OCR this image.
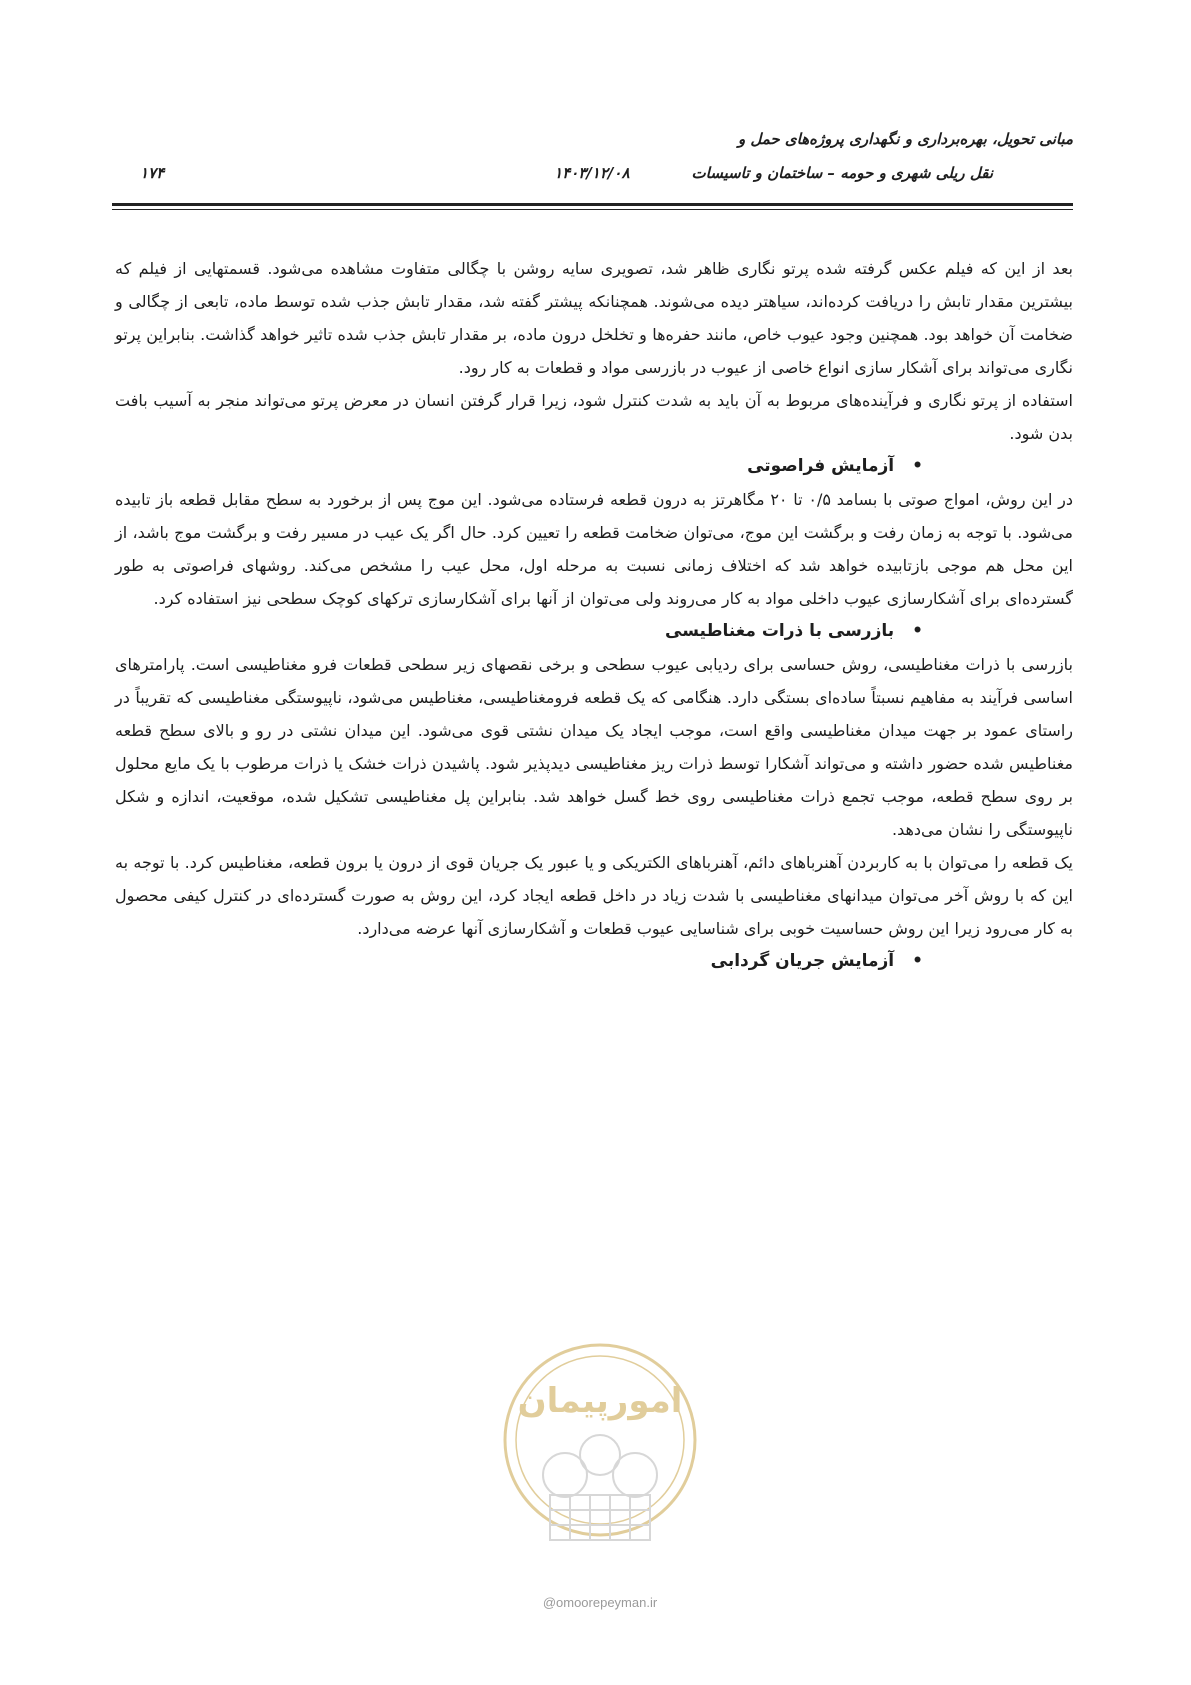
مبانی تحویل، بهره‌برداری و نگهداری پروژه‌های حمل و
نقل ریلی شهری و حومه – ساختمان و تاسیسات
۱۴۰۳/۱۲/۰۸
۱۷۴

بعد از این که فیلم عکس گرفته شده پرتو نگاری ظاهر شد، تصویری سایه روشن با چگالی متفاوت مشاهده می‌شود. قسمتهایی از فیلم که بیشترین مقدار تابش را دریافت کرده‌اند، سیاهتر دیده می‌شوند. همچنانکه پیشتر گفته شد، مقدار تابش جذب شده توسط ماده، تابعی از چگالی و ضخامت آن خواهد بود. همچنین وجود عیوب خاص، مانند حفره‌ها و تخلخل درون ماده، بر مقدار تابش جذب شده تاثیر خواهد گذاشت. بنابراین پرتو نگاری می‌تواند برای آشکار سازی انواع خاصی از عیوب در بازرسی مواد و قطعات به کار رود.

استفاده از پرتو نگاری و فرآینده‌های مربوط به آن باید به شدت کنترل شود، زیرا قرار گرفتن انسان در معرض پرتو می‌تواند منجر به آسیب بافت بدن شود.

•آزمایش فراصوتی

در این روش، امواج صوتی با بسامد ۰/۵ تا ۲۰ مگاهرتز به درون قطعه فرستاده می‌شود. این موج پس از برخورد به سطح مقابل قطعه باز تابیده می‌شود. با توجه به زمان رفت و برگشت این موج، می‌توان ضخامت قطعه را تعیین کرد. حال اگر یک عیب در مسیر رفت و برگشت موج باشد، از این محل هم موجی بازتابیده خواهد شد که اختلاف زمانی نسبت به مرحله اول، محل عیب را مشخص می‌کند. روشهای فراصوتی به طور گسترده‌ای برای آشکارسازی عیوب داخلی مواد به کار می‌روند ولی می‌توان از آنها برای آشکارسازی ترکهای کوچک سطحی نیز استفاده کرد.

•بازرسی با ذرات مغناطیسی

بازرسی با ذرات مغناطیسی، روش حساسی برای ردیابی عیوب سطحی و برخی نقصهای زیر سطحی قطعات فرو مغناطیسی است. پارامترهای اساسی فرآیند به مفاهیم نسبتاً ساده‌ای بستگی دارد. هنگامی که یک قطعه فرومغناطیسی، مغناطیس می‌شود، ناپیوستگی مغناطیسی که تقریباً در راستای عمود بر جهت میدان مغناطیسی واقع است، موجب ایجاد یک میدان نشتی قوی می‌شود. این میدان نشتی در رو و بالای سطح قطعه مغناطیس شده حضور داشته و می‌تواند آشکارا توسط ذرات ریز مغناطیسی دیدپذیر شود. پاشیدن ذرات خشک یا ذرات مرطوب با یک مایع محلول بر روی سطح قطعه، موجب تجمع ذرات مغناطیسی روی خط گسل خواهد شد. بنابراین پل مغناطیسی تشکیل شده، موقعیت، اندازه و شکل ناپیوستگی را نشان می‌دهد.

یک قطعه را می‌توان با به کاربردن آهنرباهای دائم، آهنرباهای الکتریکی و یا عبور یک جریان قوی از درون یا برون قطعه، مغناطیس کرد. با توجه به این که با روش آخر می‌توان میدانهای مغناطیسی با شدت زیاد در داخل قطعه ایجاد کرد، این روش به صورت گسترده‌ای در کنترل کیفی محصول به کار می‌رود زیرا این روش حساسیت خوبی برای شناسایی عیوب قطعات و آشکارسازی آنها عرضه می‌دارد.

•آزمایش جریان گردابی

امورپیمان
@omoorepeyman.ir
